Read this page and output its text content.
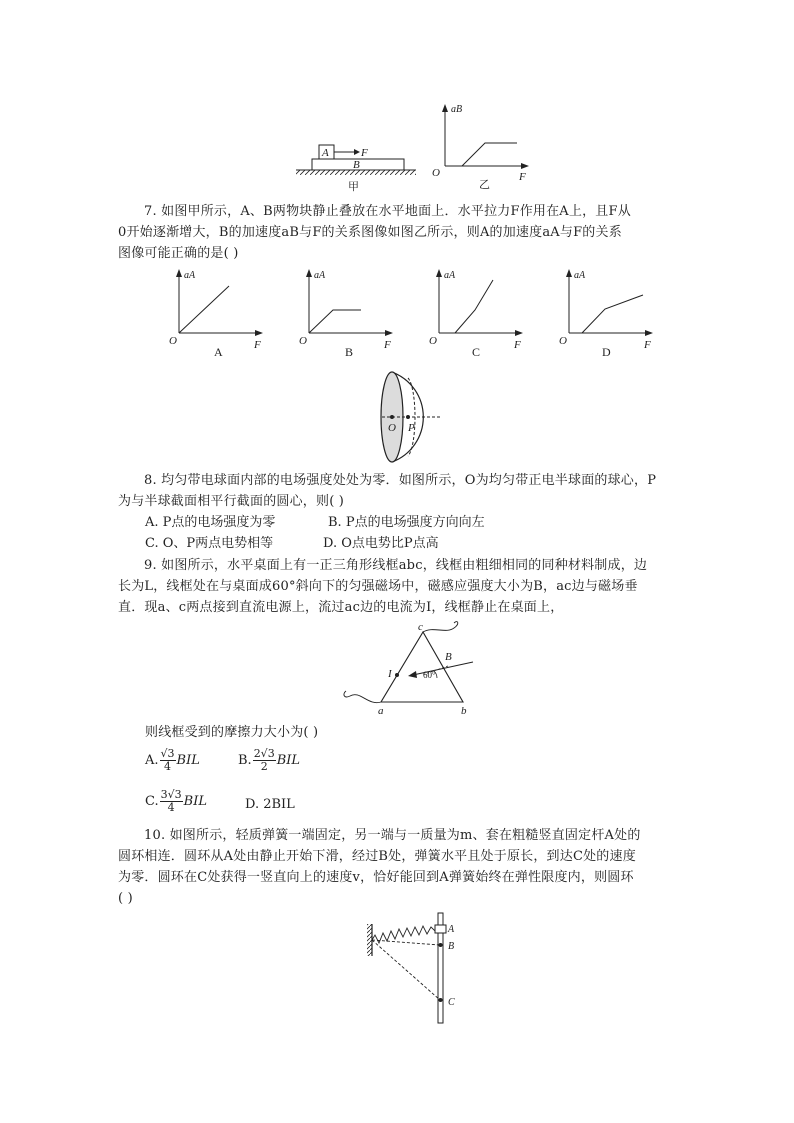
A	F
B
甲
aB
O	F
乙
7. 如图甲所示，A、B两物块静止叠放在水平地面上．水平拉力F作用在A上，且F从
0开始逐渐增大，B的加速度aB与F的关系图像如图乙所示，则A的加速度aA与F的关系
图像可能正确的是( )
aA
O	F
A
aA
O	F
B
aA
O	F
C
aA
O	F
D
O P
8. 均匀带电球面内部的电场强度处处为零．如图所示，O为均匀带正电半球面的球心，P
为与半球截面相平行截面的圆心，则( )
A. P点的电场强度为零	B. P点的电场强度方向向左
C. O、P两点电势相等	D. O点电势比P点高
9. 如图所示，水平桌面上有一正三角形线框abc，线框由粗细相同的同种材料制成，边
长为L，线框处在与桌面成60°斜向下的匀强磁场中，磁感应强度大小为B，ac边与磁场垂
直．现a、c两点接到直流电源上，流过ac边的电流为I，线框静止在桌面上，
c
B
I	60°
a	b
则线框受到的摩擦力大小为( )
A. $\frac{√3}{4}$ BIL	B. $\frac{2√3}{2}$ BIL
C. $\frac{3√3}{4}$ BIL	D. 2BIL
10. 如图所示，轻质弹簧一端固定，另一端与一质量为m、套在粗糙竖直固定杆A处的
圆环相连．圆环从A处由静止开始下滑，经过B处，弹簧水平且处于原长，到达C处的速度
为零．圆环在C处获得一竖直向上的速度v，恰好能回到A弹簧始终在弹性限度内，则圆环
( )
A
B
C
